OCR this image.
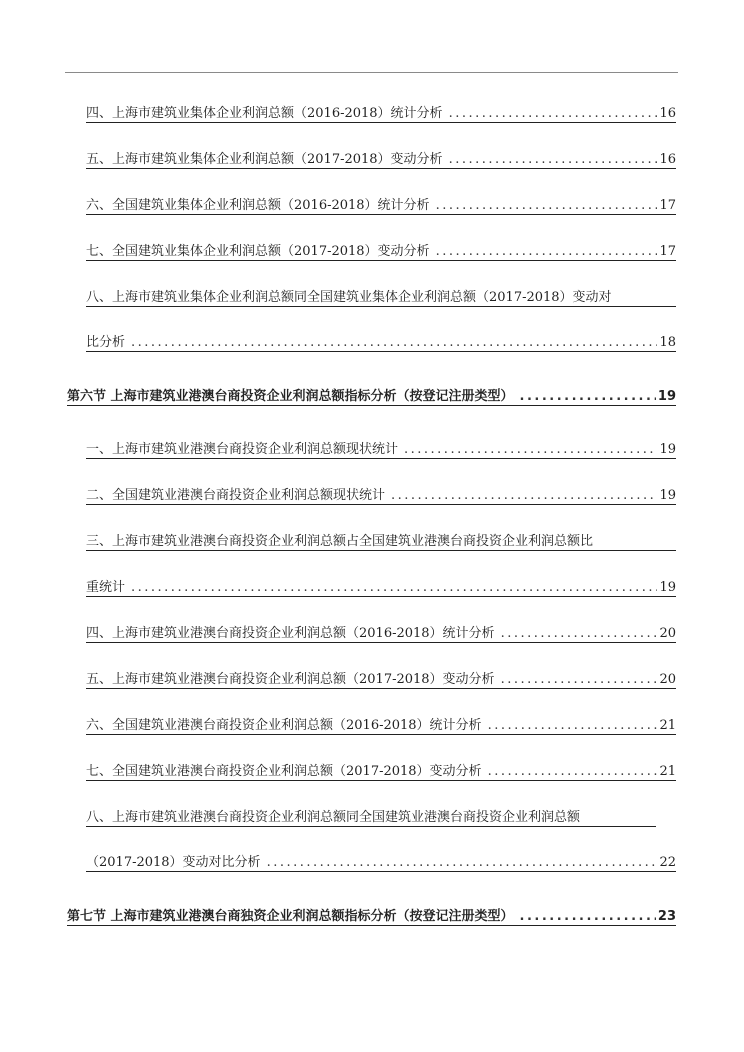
四、上海市建筑业集体企业利润总额（2016-2018）统计分析 .....	16
五、上海市建筑业集体企业利润总额（2017-2018）变动分析 .....	16
六、全国建筑业集体企业利润总额（2016-2018）统计分析 .....	17
七、全国建筑业集体企业利润总额（2017-2018）变动分析 .....	17
八、上海市建筑业集体企业利润总额同全国建筑业集体企业利润总额（2017-2018）变动对
比分析 .....	18
第六节 上海市建筑业港澳台商投资企业利润总额指标分析（按登记注册类型） .....	19
一、上海市建筑业港澳台商投资企业利润总额现状统计 .....	19
二、全国建筑业港澳台商投资企业利润总额现状统计 .....	19
三、上海市建筑业港澳台商投资企业利润总额占全国建筑业港澳台商投资企业利润总额比
重统计 .....	19
四、上海市建筑业港澳台商投资企业利润总额（2016-2018）统计分析 .....	20
五、上海市建筑业港澳台商投资企业利润总额（2017-2018）变动分析 .....	20
六、全国建筑业港澳台商投资企业利润总额（2016-2018）统计分析 .....	21
七、全国建筑业港澳台商投资企业利润总额（2017-2018）变动分析 .....	21
八、上海市建筑业港澳台商投资企业利润总额同全国建筑业港澳台商投资企业利润总额
（2017-2018）变动对比分析 .....	22
第七节 上海市建筑业港澳台商独资企业利润总额指标分析（按登记注册类型） .....	23
